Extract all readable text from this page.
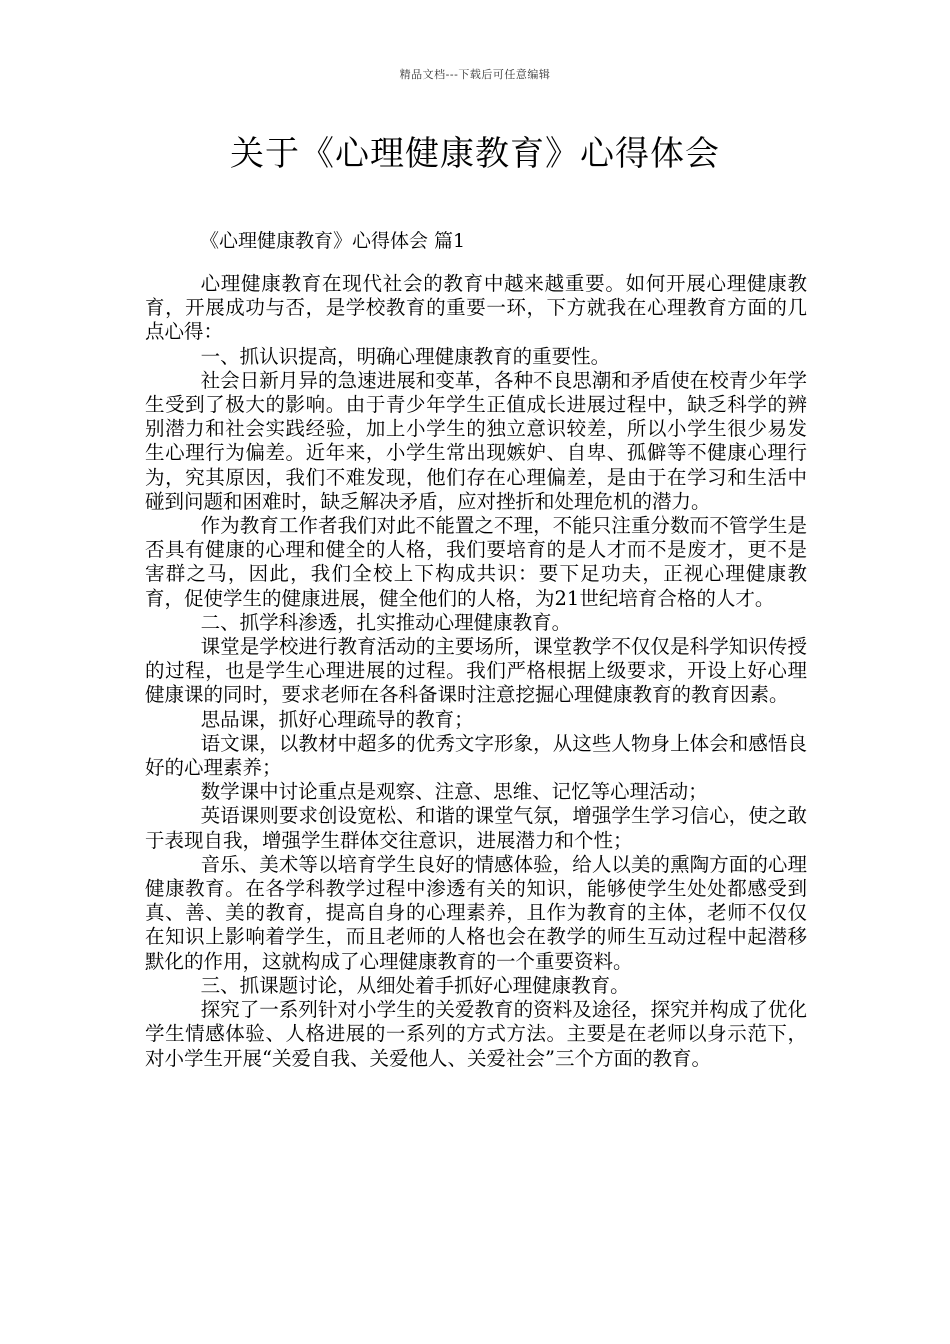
精品文档---下载后可任意编辑
关于《心理健康教育》心得体会
《心理健康教育》心得体会 篇1

心理健康教育在现代社会的教育中越来越重要。如何开展心理健康教育，开展成功与否，是学校教育的重要一环，下方就我在心理教育方面的几点心得：

一、抓认识提高，明确心理健康教育的重要性。

社会日新月异的急速进展和变革，各种不良思潮和矛盾使在校青少年学生受到了极大的影响。由于青少年学生正值成长进展过程中，缺乏科学的辨别潜力和社会实践经验，加上小学生的独立意识较差，所以小学生很少易发生心理行为偏差。近年来，小学生常出现嫉妒、自卑、孤僻等不健康心理行为，究其原因，我们不难发现，他们存在心理偏差，是由于在学习和生活中碰到问题和困难时，缺乏解决矛盾，应对挫折和处理危机的潜力。

作为教育工作者我们对此不能置之不理，不能只注重分数而不管学生是否具有健康的心理和健全的人格，我们要培育的是人才而不是废才，更不是害群之马，因此，我们全校上下构成共识：要下足功夫，正视心理健康教育，促使学生的健康进展，健全他们的人格，为21世纪培育合格的人才。

二、抓学科渗透，扎实推动心理健康教育。

课堂是学校进行教育活动的主要场所，课堂教学不仅仅是科学知识传授的过程，也是学生心理进展的过程。我们严格根据上级要求，开设上好心理健康课的同时，要求老师在各科备课时注意挖掘心理健康教育的教育因素。

思品课，抓好心理疏导的教育；

语文课，以教材中超多的优秀文字形象，从这些人物身上体会和感悟良好的心理素养；

数学课中讨论重点是观察、注意、思维、记忆等心理活动；

英语课则要求创设宽松、和谐的课堂气氛，增强学生学习信心，使之敢于表现自我，增强学生群体交往意识，进展潜力和个性；

音乐、美术等以培育学生良好的情感体验，给人以美的熏陶方面的心理健康教育。在各学科教学过程中渗透有关的知识，能够使学生处处都感受到真、善、美的教育，提高自身的心理素养，且作为教育的主体，老师不仅仅在知识上影响着学生，而且老师的人格也会在教学的师生互动过程中起潜移默化的作用，这就构成了心理健康教育的一个重要资料。

三、抓课题讨论，从细处着手抓好心理健康教育。

探究了一系列针对小学生的关爱教育的资料及途径，探究并构成了优化学生情感体验、人格进展的一系列的方式方法。主要是在老师以身示范下，对小学生开展“关爱自我、关爱他人、关爱社会”三个方面的教育。
